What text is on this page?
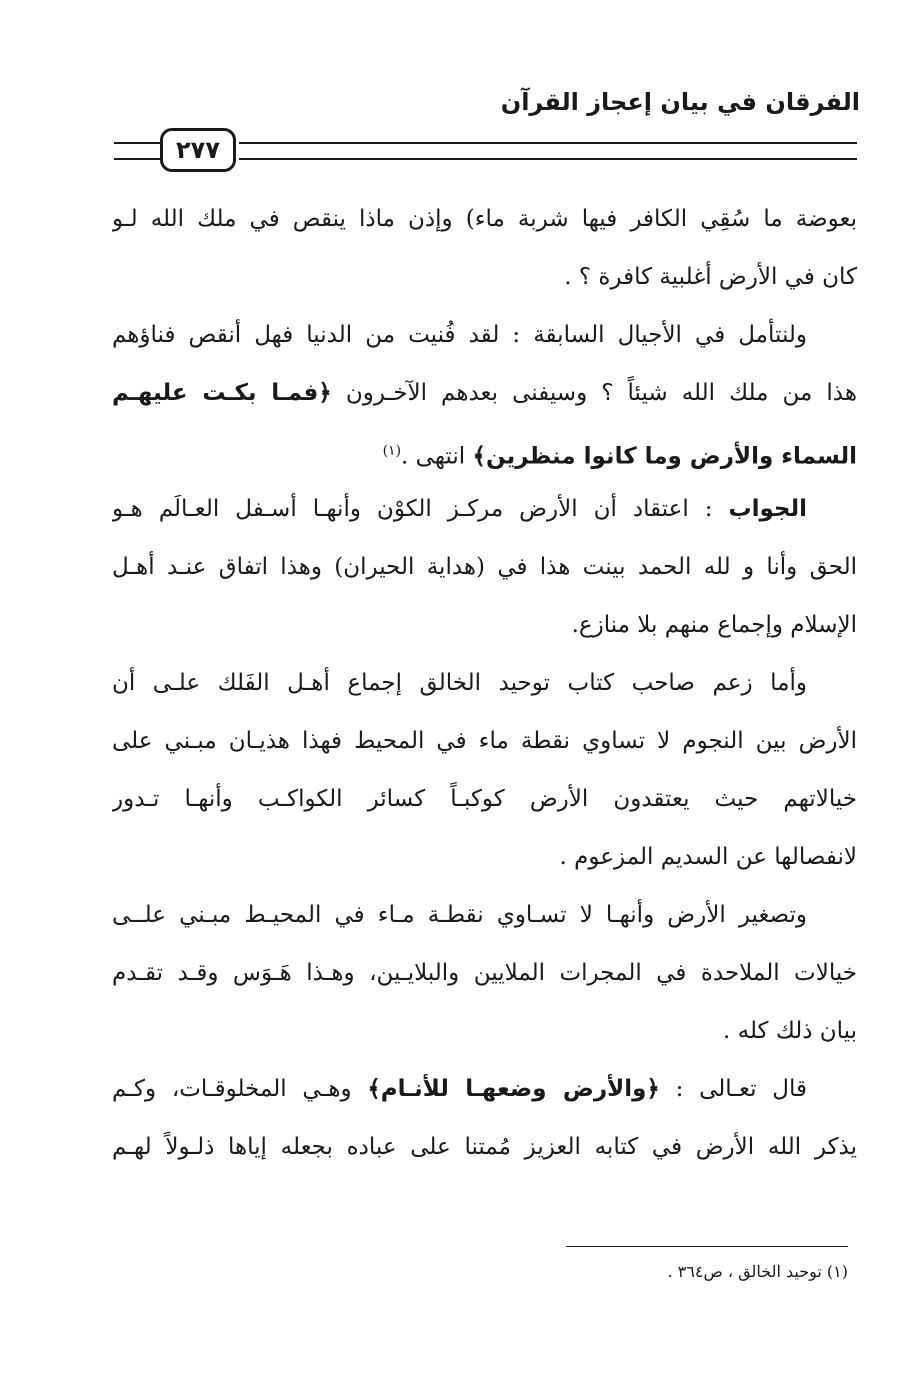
الفرقان في بيان إعجاز القرآن
٢٧٧
بعوضة ما سُقِي الكافر فيها شربة ماء) وإذن ماذا ينقص في ملك الله لـو
كان في الأرض أغلبية كافرة ؟ .
ولنتأمل في الأجيال السابقة : لقد فُنيت من الدنيا فهل أنقص فناؤهم
هذا من ملك الله شيئاً ؟ وسيفنى بعدهم الآخـرون ﴿فمـا بكـت عليهـم
السماء والأرض وما كانوا منظرين﴾ انتهى .$^{(١)}$
الجواب : اعتقاد أن الأرض مركـز الكوْن وأنهـا أسـفل العـالَم هـو
الحق وأنا و لله الحمد بينت هذا في (هداية الحيران) وهذا اتفاق عنـد أهـل
الإسلام وإجماع منهم بلا منازع.
وأما زعم صاحب كتاب توحيد الخالق إجماع أهـل الفَلك علـى أن
الأرض بين النجوم لا تساوي نقطة ماء في المحيط فهذا هذيـان مبـني على
خيالاتهم حيث يعتقدون الأرض كوكبـاً كسائر الكواكـب وأنهـا تـدور
لانفصالها عن السديم المزعوم .
وتصغير الأرض وأنهـا لا تسـاوي نقطـة مـاء في المحيـط مبـني علــى
خيالات الملاحدة في المجرات الملايين والبلايـين، وهـذا هَـوَس وقـد تقـدم
بيان ذلك كله .
قال تعـالى : ﴿والأرض وضعهـا للأنـام﴾ وهـي المخلوقـات، وكـم
يذكر الله الأرض في كتابه العزيز مُمتنا على عباده بجعله إياها ذلـولاً لهـم
(١) توحيد الخالق ، ص٣٦٤ .
